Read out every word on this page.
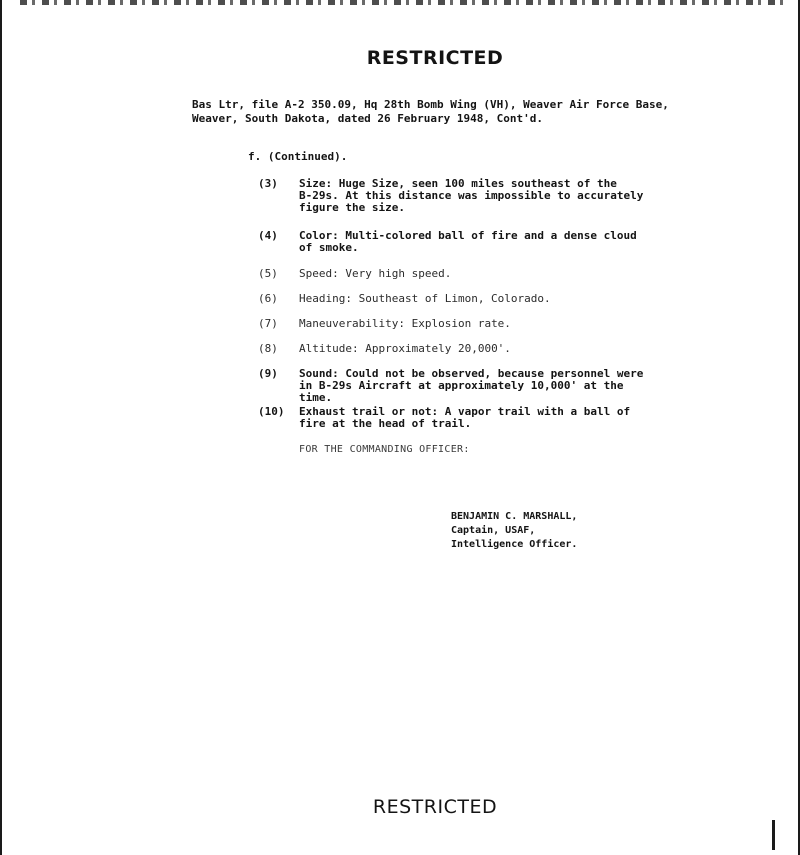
RESTRICTED
Bas Ltr, file A-2 350.09, Hq 28th Bomb Wing (VH), Weaver Air Force Base,
Weaver, South Dakota, dated 26 February 1948, Cont'd.
f. (Continued).
(3)	Size: Huge Size, seen 100 miles southeast of the
B-29s. At this distance was impossible to accurately
figure the size.
(4)	Color: Multi-colored ball of fire and a dense cloud
of smoke.
(5)	Speed: Very high speed.
(6)	Heading: Southeast of Limon, Colorado.
(7)	Maneuverability: Explosion rate.
(8)	Altitude: Approximately 20,000'.
(9)	Sound: Could not be observed, because personnel were
in B-29s Aircraft at approximately 10,000' at the time.
(10)	Exhaust trail or not: A vapor trail with a ball of
fire at the head of trail.
FOR THE COMMANDING OFFICER:
BENJAMIN C. MARSHALL,
Captain, USAF,
Intelligence Officer.
RESTRICTED
